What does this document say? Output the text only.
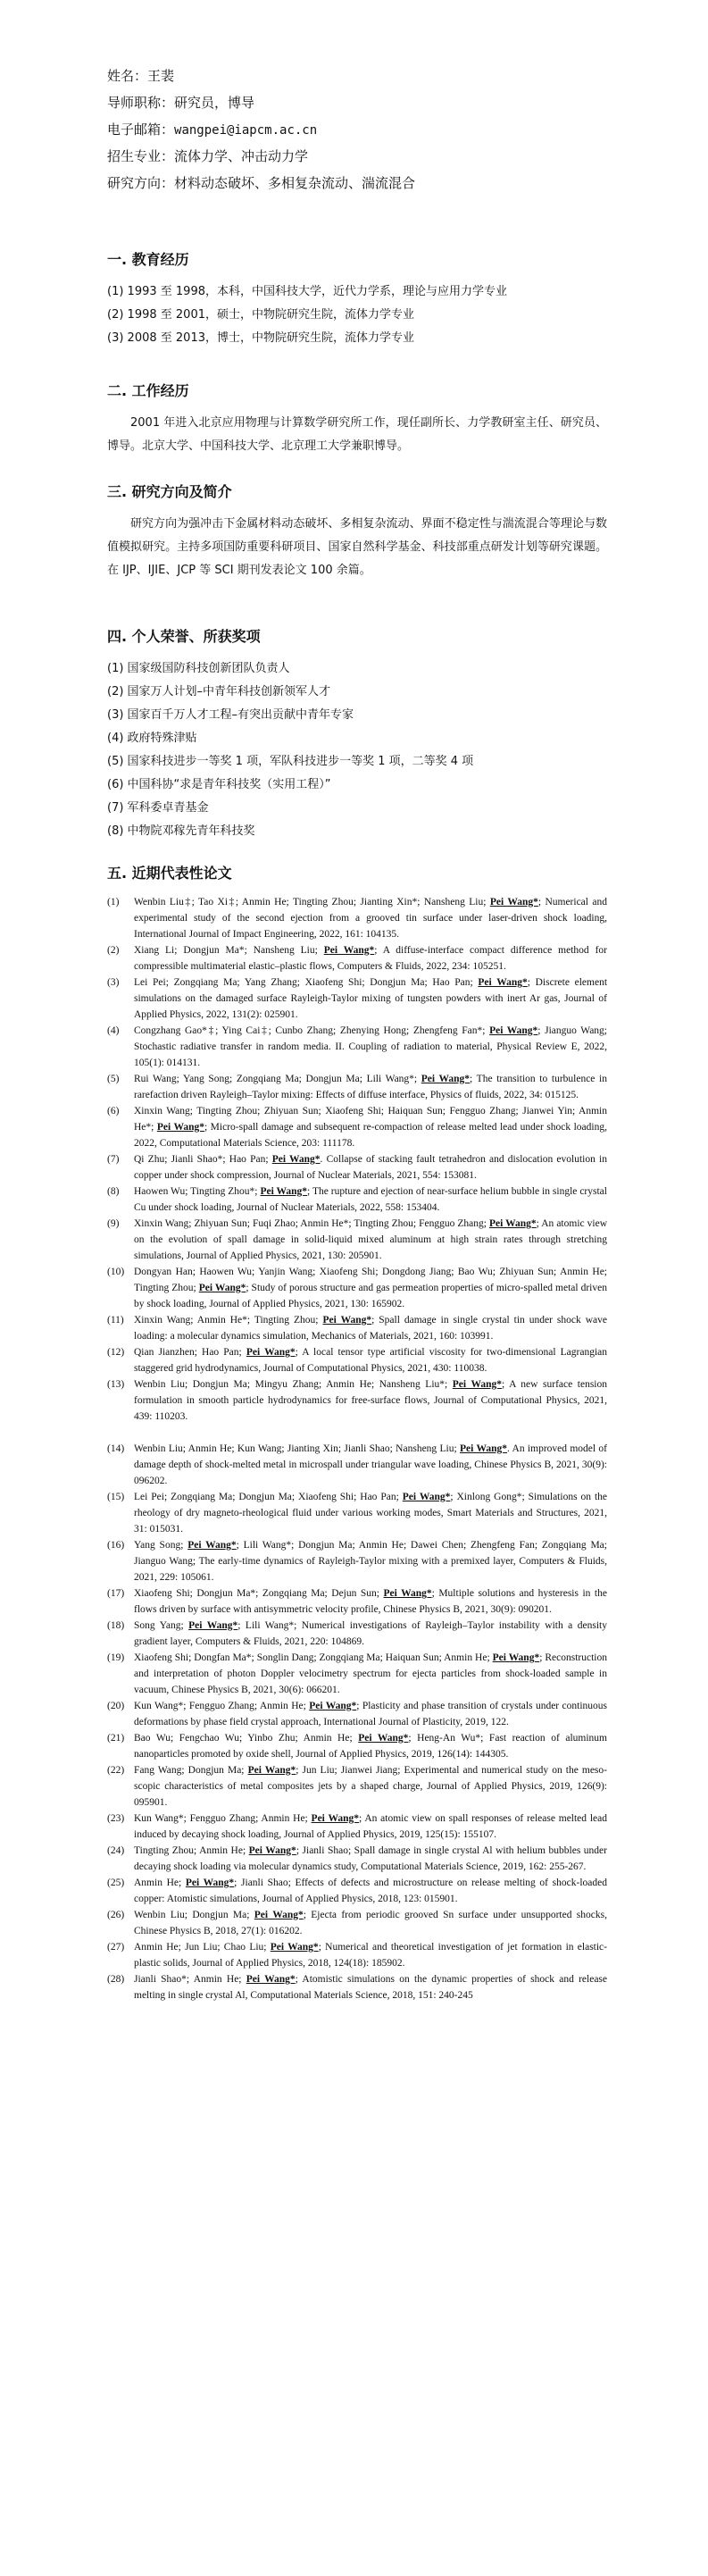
姓名：王裴
导师职称：研究员，博导
电子邮箱：wangpei@iapcm.ac.cn
招生专业：流体力学、冲击动力学
研究方向：材料动态破坏、多相复杂流动、湍流混合
一. 教育经历
(1) 1993 至 1998，本科，中国科技大学，近代力学系，理论与应用力学专业
(2) 1998 至 2001，硕士，中物院研究生院，流体力学专业
(3) 2008 至 2013，博士，中物院研究生院，流体力学专业
二. 工作经历
2001 年进入北京应用物理与计算数学研究所工作，现任副所长、力学教研室主任、研究员、博导。北京大学、中国科技大学、北京理工大学兼职博导。
三. 研究方向及简介
研究方向为强冲击下金属材料动态破坏、多相复杂流动、界面不稳定性与湍流混合等理论与数值模拟研究。主持多项国防重要科研项目、国家自然科学基金、科技部重点研发计划等研究课题。在 IJP、IJIE、JCP 等 SCI 期刊发表论文 100 余篇。
四. 个人荣誉、所获奖项
(1) 国家级国防科技创新团队负责人
(2) 国家万人计划–中青年科技创新领军人才
(3) 国家百千万人才工程–有突出贡献中青年专家
(4) 政府特殊津贴
(5) 国家科技进步一等奖 1 项，军队科技进步一等奖 1 项，二等奖 4 项
(6) 中国科协“求是青年科技奖（实用工程）”
(7) 军科委卓青基金
(8) 中物院邓稼先青年科技奖
五. 近期代表性论文
(1)	Wenbin Liu‡; Tao Xi‡; Anmin He; Tingting Zhou; Jianting Xin*; Nansheng Liu; Pei Wang*; Numerical and experimental study of the second ejection from a grooved tin surface under laser-driven shock loading, International Journal of Impact Engineering, 2022, 161: 104135.
(2)	Xiang Li; Dongjun Ma*; Nansheng Liu; Pei Wang*; A diffuse-interface compact difference method for compressible multimaterial elastic–plastic flows, Computers & Fluids, 2022, 234: 105251.
(3)	Lei Pei; Zongqiang Ma; Yang Zhang; Xiaofeng Shi; Dongjun Ma; Hao Pan; Pei Wang*; Discrete element simulations on the damaged surface Rayleigh-Taylor mixing of tungsten powders with inert Ar gas, Journal of Applied Physics, 2022, 131(2): 025901.
(4)	Congzhang Gao*‡; Ying Cai‡; Cunbo Zhang; Zhenying Hong; Zhengfeng Fan*; Pei Wang*; Jianguo Wang; Stochastic radiative transfer in random media. II. Coupling of radiation to material, Physical Review E, 2022, 105(1): 014131.
(5)	Rui Wang; Yang Song; Zongqiang Ma; Dongjun Ma; Lili Wang*; Pei Wang*; The transition to turbulence in rarefaction driven Rayleigh–Taylor mixing: Effects of diffuse interface, Physics of fluids, 2022, 34: 015125.
(6)	Xinxin Wang; Tingting Zhou; Zhiyuan Sun; Xiaofeng Shi; Haiquan Sun; Fengguo Zhang; Jianwei Yin; Anmin He*; Pei Wang*; Micro-spall damage and subsequent re-compaction of release melted lead under shock loading, 2022, Computational Materials Science, 203: 111178.
(7)	Qi Zhu; Jianli Shao*; Hao Pan; Pei Wang*. Collapse of stacking fault tetrahedron and dislocation evolution in copper under shock compression, Journal of Nuclear Materials, 2021, 554: 153081.
(8)	Haowen Wu; Tingting Zhou*; Pei Wang*; The rupture and ejection of near-surface helium bubble in single crystal Cu under shock loading, Journal of Nuclear Materials, 2022, 558: 153404.
(9)	Xinxin Wang; Zhiyuan Sun; Fuqi Zhao; Anmin He*; Tingting Zhou; Fengguo Zhang; Pei Wang*; An atomic view on the evolution of spall damage in solid-liquid mixed aluminum at high strain rates through stretching simulations, Journal of Applied Physics, 2021, 130: 205901.
(10) Dongyan Han; Haowen Wu; Yanjin Wang; Xiaofeng Shi; Dongdong Jiang; Bao Wu; Zhiyuan Sun; Anmin He; Tingting Zhou; Pei Wang*; Study of porous structure and gas permeation properties of micro-spalled metal driven by shock loading, Journal of Applied Physics, 2021, 130: 165902.
(11) Xinxin Wang; Anmin He*; Tingting Zhou; Pei Wang*; Spall damage in single crystal tin under shock wave loading: a molecular dynamics simulation, Mechanics of Materials, 2021, 160: 103991.
(12) Qian Jianzhen; Hao Pan; Pei Wang*; A local tensor type artificial viscosity for two-dimensional Lagrangian staggered grid hydrodynamics, Journal of Computational Physics, 2021, 430: 110038.
(13) Wenbin Liu; Dongjun Ma; Mingyu Zhang; Anmin He; Nansheng Liu*; Pei Wang*; A new surface tension formulation in smooth particle hydrodynamics for free-surface flows, Journal of Computational Physics, 2021, 439: 110203.
(14) Wenbin Liu; Anmin He; Kun Wang; Jianting Xin; Jianli Shao; Nansheng Liu; Pei Wang*. An improved model of damage depth of shock-melted metal in microspall under triangular wave loading, Chinese Physics B, 2021, 30(9): 096202.
(15) Lei Pei; Zongqiang Ma; Dongjun Ma; Xiaofeng Shi; Hao Pan; Pei Wang*; Xinlong Gong*; Simulations on the rheology of dry magneto-rheological fluid under various working modes, Smart Materials and Structures, 2021, 31: 015031.
(16) Yang Song; Pei Wang*; Lili Wang*; Dongjun Ma; Anmin He; Dawei Chen; Zhengfeng Fan; Zongqiang Ma; Jianguo Wang; The early-time dynamics of Rayleigh-Taylor mixing with a premixed layer, Computers & Fluids, 2021, 229: 105061.
(17) Xiaofeng Shi; Dongjun Ma*; Zongqiang Ma; Dejun Sun; Pei Wang*; Multiple solutions and hysteresis in the flows driven by surface with antisymmetric velocity profile, Chinese Physics B, 2021, 30(9): 090201.
(18) Song Yang; Pei Wang*; Lili Wang*; Numerical investigations of Rayleigh–Taylor instability with a density gradient layer, Computers & Fluids, 2021, 220: 104869.
(19) Xiaofeng Shi; Dongfan Ma*; Songlin Dang; Zongqiang Ma; Haiquan Sun; Anmin He; Pei Wang*; Reconstruction and interpretation of photon Doppler velocimetry spectrum for ejecta particles from shock-loaded sample in vacuum, Chinese Physics B, 2021, 30(6): 066201.
(20) Kun Wang*; Fengguo Zhang; Anmin He; Pei Wang*; Plasticity and phase transition of crystals under continuous deformations by phase field crystal approach, International Journal of Plasticity, 2019, 122.
(21) Bao Wu; Fengchao Wu; Yinbo Zhu; Anmin He; Pei Wang*; Heng-An Wu*; Fast reaction of aluminum nanoparticles promoted by oxide shell, Journal of Applied Physics, 2019, 126(14): 144305.
(22) Fang Wang; Dongjun Ma; Pei Wang*; Jun Liu; Jianwei Jiang; Experimental and numerical study on the meso-scopic characteristics of metal composites jets by a shaped charge, Journal of Applied Physics, 2019, 126(9): 095901.
(23) Kun Wang*; Fengguo Zhang; Anmin He; Pei Wang*; An atomic view on spall responses of release melted lead induced by decaying shock loading, Journal of Applied Physics, 2019, 125(15): 155107.
(24) Tingting Zhou; Anmin He; Pei Wang*; Jianli Shao; Spall damage in single crystal Al with helium bubbles under decaying shock loading via molecular dynamics study, Computational Materials Science, 2019, 162: 255-267.
(25) Anmin He; Pei Wang*; Jianli Shao; Effects of defects and microstructure on release melting of shock-loaded copper: Atomistic simulations, Journal of Applied Physics, 2018, 123: 015901.
(26) Wenbin Liu; Dongjun Ma; Pei Wang*; Ejecta from periodic grooved Sn surface under unsupported shocks, Chinese Physics B, 2018, 27(1): 016202.
(27) Anmin He; Jun Liu; Chao Liu; Pei Wang*; Numerical and theoretical investigation of jet formation in elastic-plastic solids, Journal of Applied Physics, 2018, 124(18): 185902.
(28) Jianli Shao*; Anmin He; Pei Wang*; Atomistic simulations on the dynamic properties of shock and release melting in single crystal Al, Computational Materials Science, 2018, 151: 240-245
